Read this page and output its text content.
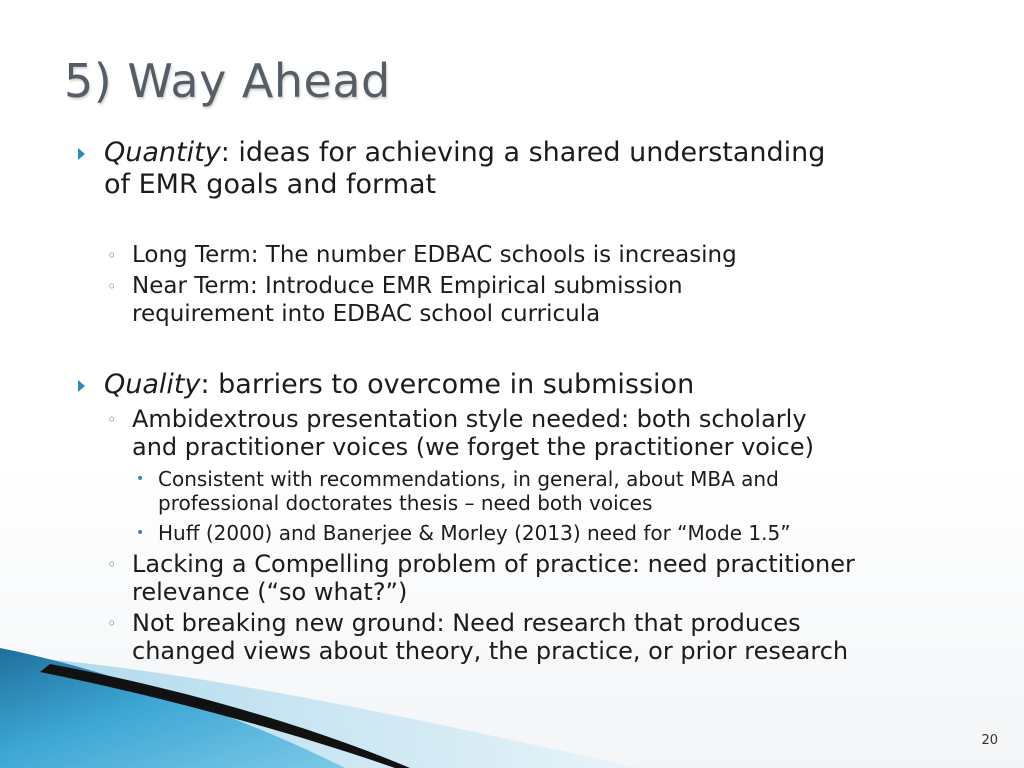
5) Way Ahead
Quantity: ideas for achieving a shared understanding
of EMR goals and format
◦ Long Term: The number EDBAC schools is increasing
◦ Near Term: Introduce EMR Empirical submission
requirement into EDBAC school curricula
Quality: barriers to overcome in submission
◦ Ambidextrous presentation style needed: both scholarly
and practitioner voices (we forget the practitioner voice)
• Consistent with recommendations, in general, about MBA and
professional doctorates thesis – need both voices
• Huff (2000) and Banerjee & Morley (2013) need for “Mode 1.5”
◦ Lacking a Compelling problem of practice: need practitioner
relevance (“so what?”)
◦ Not breaking new ground: Need research that produces
changed views about theory, the practice, or prior research
20
